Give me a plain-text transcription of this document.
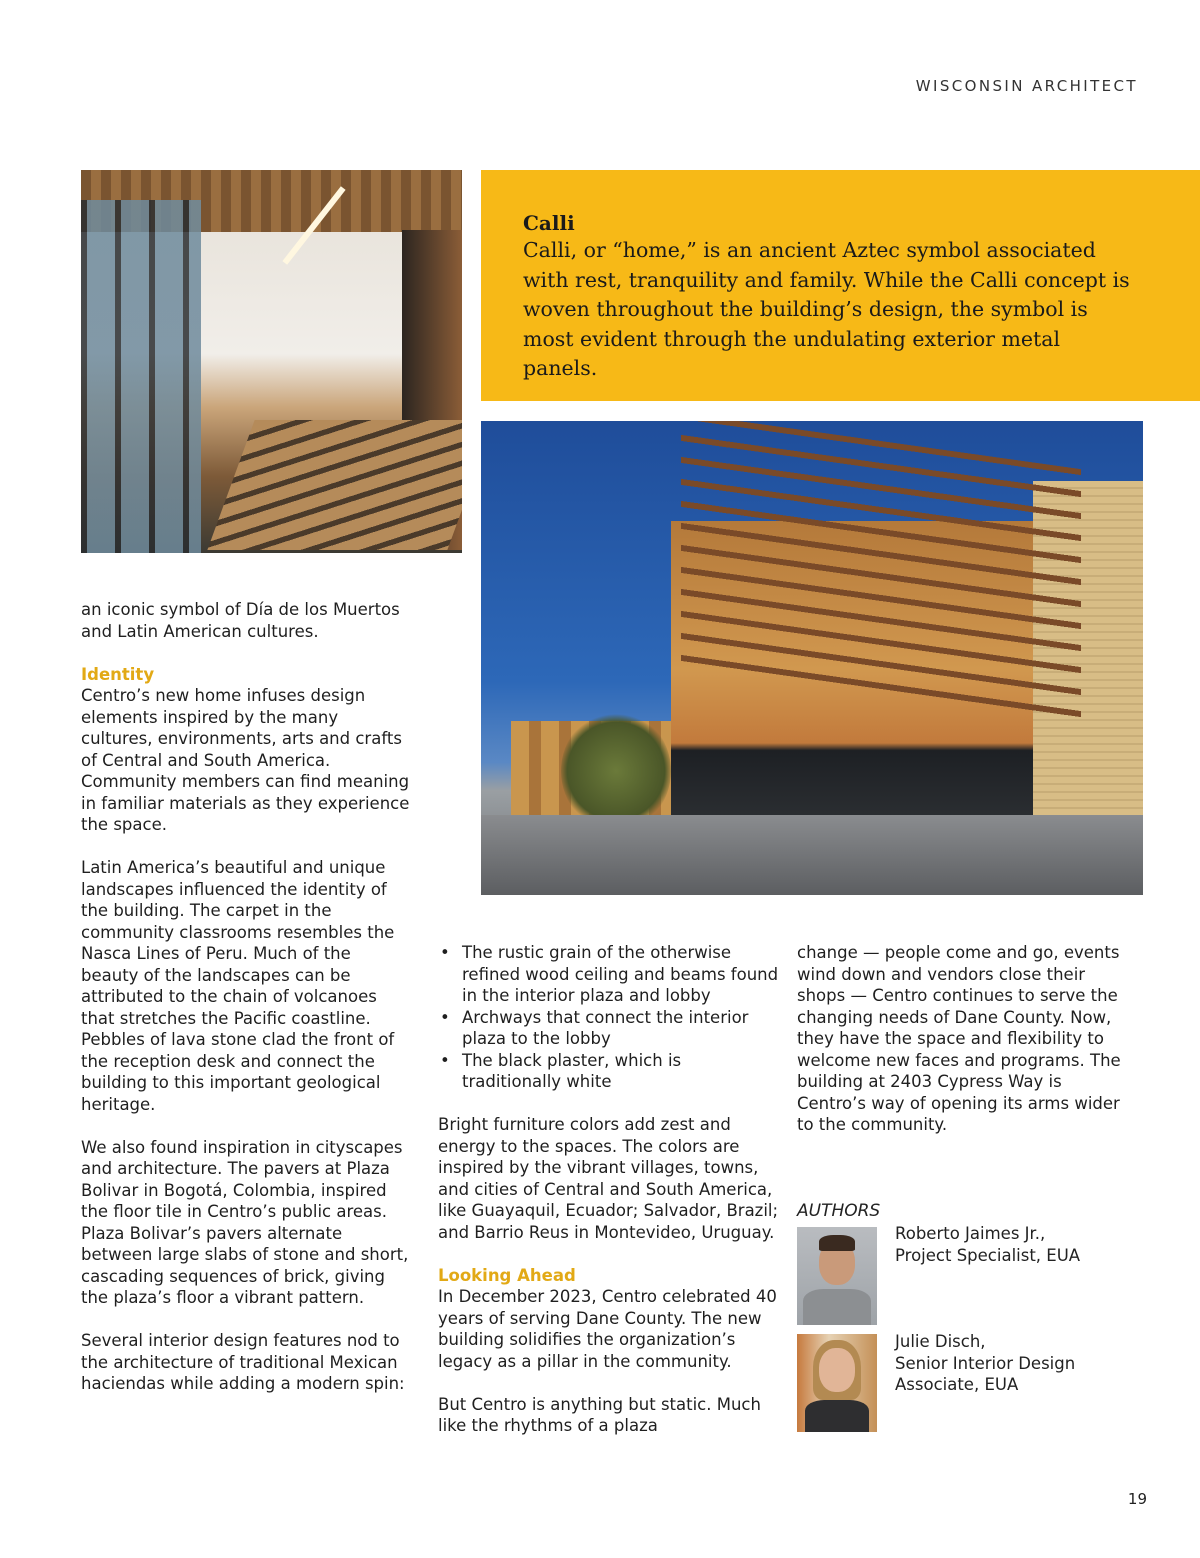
WISCONSIN ARCHITECT
Calli
Calli, or “home,” is an ancient Aztec symbol associated with rest, tranquility and family. While the Calli concept is woven throughout the building’s design, the symbol is most evident through the undulating exterior metal panels.

an iconic symbol of Día de los Muertos and Latin American cultures.

Identity

Centro’s new home infuses design elements inspired by the many cultures, environments, arts and crafts of Central and South America. Community members can find meaning in familiar materials as they experience the space.

Latin America’s beautiful and unique landscapes influenced the identity of the building. The carpet in the community classrooms resembles the Nasca Lines of Peru. Much of the beauty of the landscapes can be attributed to the chain of volcanoes that stretches the Pacific coastline. Pebbles of lava stone clad the front of the reception desk and connect the building to this important geological heritage.

We also found inspiration in cityscapes and architecture. The pavers at Plaza Bolivar in Bogotá, Colombia, inspired the floor tile in Centro’s public areas. Plaza Bolivar’s pavers alternate between large slabs of stone and short, cascading sequences of brick, giving the plaza’s floor a vibrant pattern.

Several interior design features nod to the architecture of traditional Mexican haciendas while adding a modern spin:

• The rustic grain of the otherwise refined wood ceiling and beams found in the interior plaza and lobby
• Archways that connect the interior plaza to the lobby
• The black plaster, which is traditionally white

Bright furniture colors add zest and energy to the spaces. The colors are inspired by the vibrant villages, towns, and cities of Central and South America, like Guayaquil, Ecuador; Salvador, Brazil; and Barrio Reus in Montevideo, Uruguay.

Looking Ahead

In December 2023, Centro celebrated 40 years of serving Dane County. The new building solidifies the organization’s legacy as a pillar in the community.

But Centro is anything but static. Much like the rhythms of a plaza

change — people come and go, events wind down and vendors close their shops — Centro continues to serve the changing needs of Dane County. Now, they have the space and flexibility to welcome new faces and programs. The building at 2403 Cypress Way is Centro’s way of opening its arms wider to the community.

AUTHORS
Roberto Jaimes Jr.,
Project Specialist, EUA
Julie Disch,
Senior Interior Design Associate, EUA
19
